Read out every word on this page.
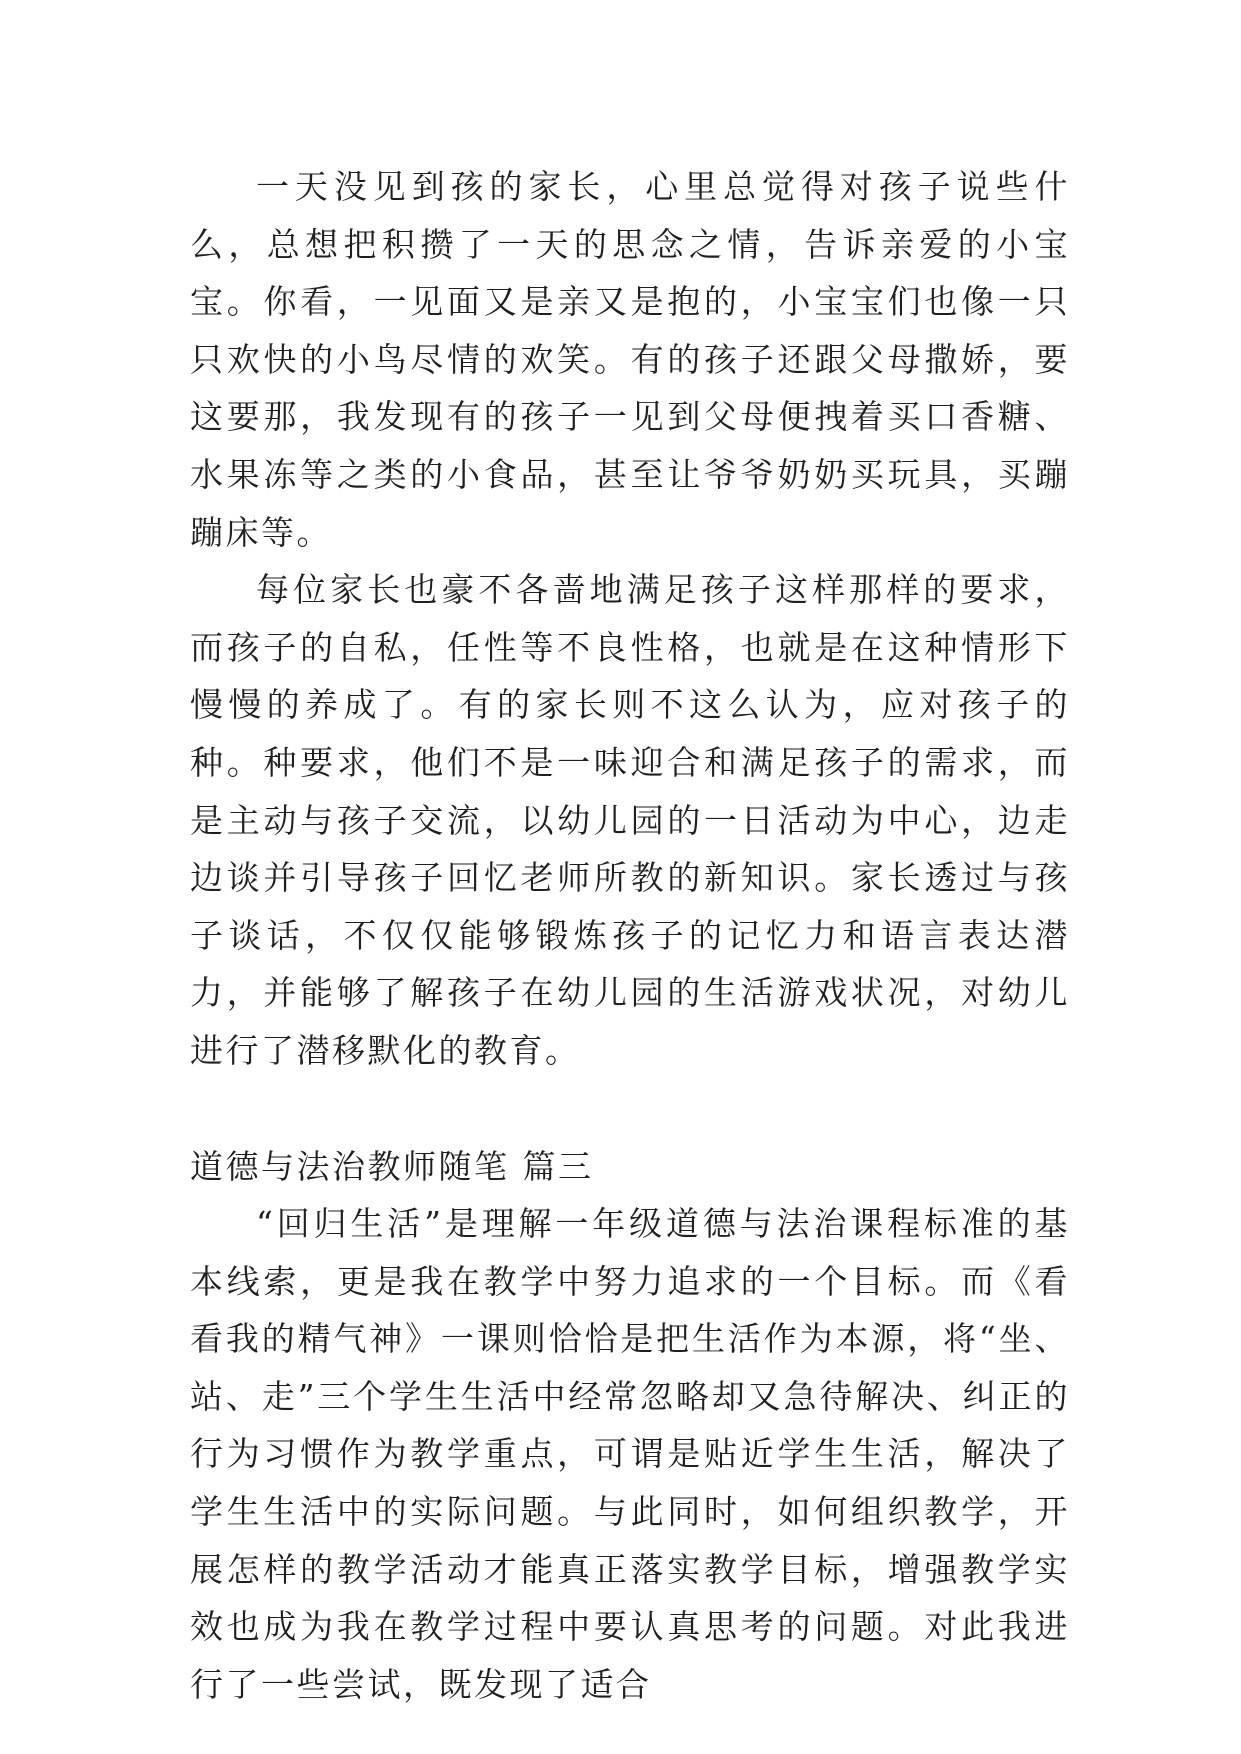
一天没见到孩的家长，心里总觉得对孩子说些什么，总想把积攒了一天的思念之情，告诉亲爱的小宝宝。你看，一见面又是亲又是抱的，小宝宝们也像一只只欢快的小鸟尽情的欢笑。有的孩子还跟父母撒娇，要这要那，我发现有的孩子一见到父母便拽着买口香糖、水果冻等之类的小食品，甚至让爷爷奶奶买玩具，买蹦蹦床等。

每位家长也豪不各啬地满足孩子这样那样的要求，而孩子的自私，任性等不良性格，也就是在这种情形下慢慢的养成了。有的家长则不这么认为，应对孩子的种。种要求，他们不是一味迎合和满足孩子的需求，而是主动与孩子交流，以幼儿园的一日活动为中心，边走边谈并引导孩子回忆老师所教的新知识。家长透过与孩子谈话，不仅仅能够锻炼孩子的记忆力和语言表达潜力，并能够了解孩子在幼儿园的生活游戏状况，对幼儿进行了潜移默化的教育。

道德与法治教师随笔 篇三

“回归生活”是理解一年级道德与法治课程标准的基本线索，更是我在教学中努力追求的一个目标。而《看看我的精气神》一课则恰恰是把生活作为本源，将“坐、站、走”三个学生生活中经常忽略却又急待解决、纠正的行为习惯作为教学重点，可谓是贴近学生生活，解决了学生生活中的实际问题。与此同时，如何组织教学，开展怎样的教学活动才能真正落实教学目标，增强教学实效也成为我在教学过程中要认真思考的问题。对此我进行了一些尝试，既发现了适合
